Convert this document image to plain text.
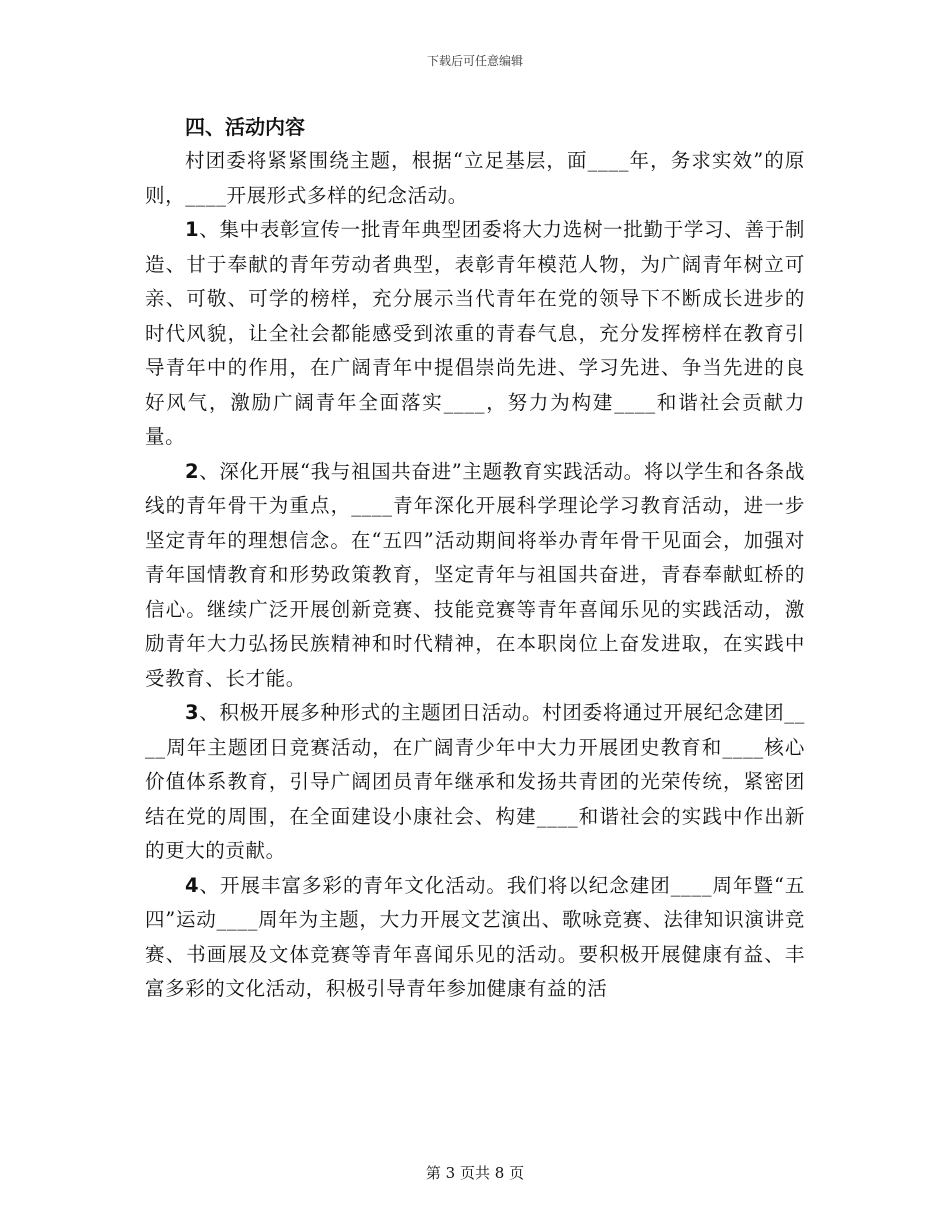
下载后可任意编辑
四、活动内容

村团委将紧紧围绕主题，根据“立足基层，面____年，务求实效”的原则，____开展形式多样的纪念活动。

1、集中表彰宣传一批青年典型团委将大力选树一批勤于学习、善于制造、甘于奉献的青年劳动者典型，表彰青年模范人物，为广阔青年树立可亲、可敬、可学的榜样，充分展示当代青年在党的领导下不断成长进步的时代风貌，让全社会都能感受到浓重的青春气息，充分发挥榜样在教育引导青年中的作用，在广阔青年中提倡崇尚先进、学习先进、争当先进的良好风气，激励广阔青年全面落实____，努力为构建____和谐社会贡献力量。

2、深化开展“我与祖国共奋进”主题教育实践活动。将以学生和各条战线的青年骨干为重点，____青年深化开展科学理论学习教育活动，进一步坚定青年的理想信念。在“五四”活动期间将举办青年骨干见面会，加强对青年国情教育和形势政策教育，坚定青年与祖国共奋进，青春奉献虹桥的信心。继续广泛开展创新竞赛、技能竞赛等青年喜闻乐见的实践活动，激励青年大力弘扬民族精神和时代精神，在本职岗位上奋发进取，在实践中受教育、长才能。

3、积极开展多种形式的主题团日活动。村团委将通过开展纪念建团____周年主题团日竞赛活动，在广阔青少年中大力开展团史教育和____核心价值体系教育，引导广阔团员青年继承和发扬共青团的光荣传统，紧密团结在党的周围，在全面建设小康社会、构建____和谐社会的实践中作出新的更大的贡献。

4、开展丰富多彩的青年文化活动。我们将以纪念建团____周年暨“五四”运动____周年为主题，大力开展文艺演出、歌咏竞赛、法律知识演讲竞赛、书画展及文体竞赛等青年喜闻乐见的活动。要积极开展健康有益、丰富多彩的文化活动，积极引导青年参加健康有益的活

第 3 页共 8 页
